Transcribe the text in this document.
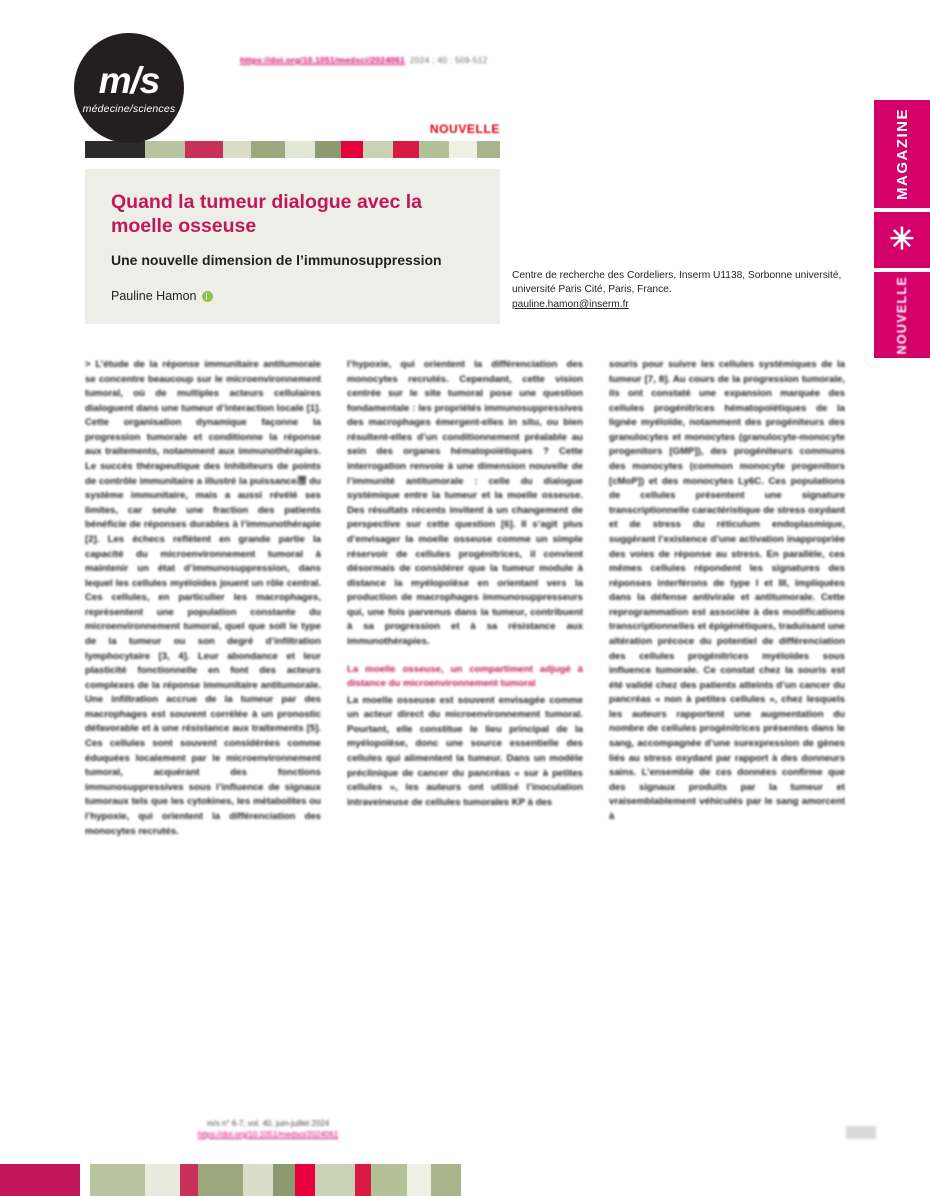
m/s
médecine/sciences
https://doi.org/10.1051/medsci/2024061 2024 ; 40 : 509-512
NOUVELLE
Quand la tumeur dialogue avec la moelle osseuse
Une nouvelle dimension de l’immunosuppression
Pauline Hamon
Centre de recherche des Cordeliers, Inserm U1138, Sorbonne université, université Paris Cité, Paris, France.
pauline.hamon@inserm.fr
MAGAZINE
✳
NOUVELLE

> L’étude de la réponse immunitaire antitumorale se concentre beaucoup sur le microenvironnement tumoral, où de multiples acteurs cellulaires dialoguent dans une tumeur d’interaction locale [1]. Cette organisation dynamique façonne la progression tumorale et conditionne la réponse aux traitements, notamment aux immunothérapies. Le succès thérapeutique des inhibiteurs de points de contrôle immunitaire a illustré la puissance潜 du système immunitaire, mais a aussi révélé ses limites, car seule une fraction des patients bénéficie de réponses durables à l’immunothérapie [2]. Les échecs reflètent en grande partie la capacité du microenvironnement tumoral à maintenir un état d’immunosuppression, dans lequel les cellules myéloïdes jouent un rôle central. Ces cellules, en particulier les macrophages, représentent une population constante du microenvironnement tumoral, quel que soit le type de la tumeur ou son degré d’infiltration lymphocytaire [3, 4]. Leur abondance et leur plasticité fonctionnelle en font des acteurs complexes de la réponse immunitaire antitumorale. Une infiltration accrue de la tumeur par des macrophages est souvent corrélée à un pronostic défavorable et à une résistance aux traitements [5]. Ces cellules sont souvent considérées comme éduquées localement par le microenvironnement tumoral, acquérant des fonctions immunosuppressives sous l’influence de signaux tumoraux tels que les cytokines, les métabolites ou l’hypoxie, qui orientent la différenciation des monocytes recrutés.

l’hypoxie, qui orientent la différenciation des monocytes recrutés. Cependant, cette vision centrée sur le site tumoral pose une question fondamentale : les propriétés immunosuppressives des macrophages émergent-elles in situ, ou bien résultent-elles d’un conditionnement préalable au sein des organes hématopoïétiques ? Cette interrogation renvoie à une dimension nouvelle de l’immunité antitumorale : celle du dialogue systémique entre la tumeur et la moelle osseuse. Des résultats récents invitent à un changement de perspective sur cette question [6]. Il s’agit plus d’envisager la moelle osseuse comme un simple réservoir de cellules progénitrices, il convient désormais de considérer que la tumeur module à distance la myélopoïèse en orientant vers la production de macrophages immunosuppresseurs qui, une fois parvenus dans la tumeur, contribuent à sa progression et à sa résistance aux immunothérapies.

La moelle osseuse, un compartiment adjugé à distance du microenvironnement tumoral

La moelle osseuse est souvent envisagée comme un acteur direct du microenvironnement tumoral. Pourtant, elle constitue le lieu principal de la myélopoïèse, donc une source essentielle des cellules qui alimentent la tumeur. Dans un modèle préclinique de cancer du pancréas « sur à petites cellules », les auteurs ont utilisé l’inoculation intraveineuse de cellules tumorales KP à des

souris pour suivre les cellules systémiques de la tumeur [7, 8]. Au cours de la progression tumorale, ils ont constaté une expansion marquée des cellules progénitrices hématopoïétiques de la lignée myéloïde, notamment des progéniteurs des granulocytes et monocytes (granulocyte-monocyte progenitors [GMP]), des progéniteurs communs des monocytes (common monocyte progenitors [cMoP]) et des monocytes Ly6C. Ces populations de cellules présentent une signature transcriptionnelle caractéristique de stress oxydant et de stress du réticulum endoplasmique, suggérant l’existence d’une activation inappropriée des voies de réponse au stress. En parallèle, ces mêmes cellules répondent les signatures des réponses interférons de type I et III, impliquées dans la défense antivirale et antitumorale. Cette reprogrammation est associée à des modifications transcriptionnelles et épigénétiques, traduisant une altération précoce du potentiel de différenciation des cellules progénitrices myéloïdes sous influence tumorale. Ce constat chez la souris est été validé chez des patients atteints d’un cancer du pancréas « non à petites cellules », chez lesquels les auteurs rapportent une augmentation du nombre de cellules progénitrices présentes dans le sang, accompagnée d’une surexpression de gènes liés au stress oxydant par rapport à des donneurs sains. L’ensemble de ces données confirme que des signaux produits par la tumeur et vraisemblablement véhiculés par le sang amorcent à

m/s n° 6-7, vol. 40, juin-juillet 2024
https://doi.org/10.1051/medsci/2024061
